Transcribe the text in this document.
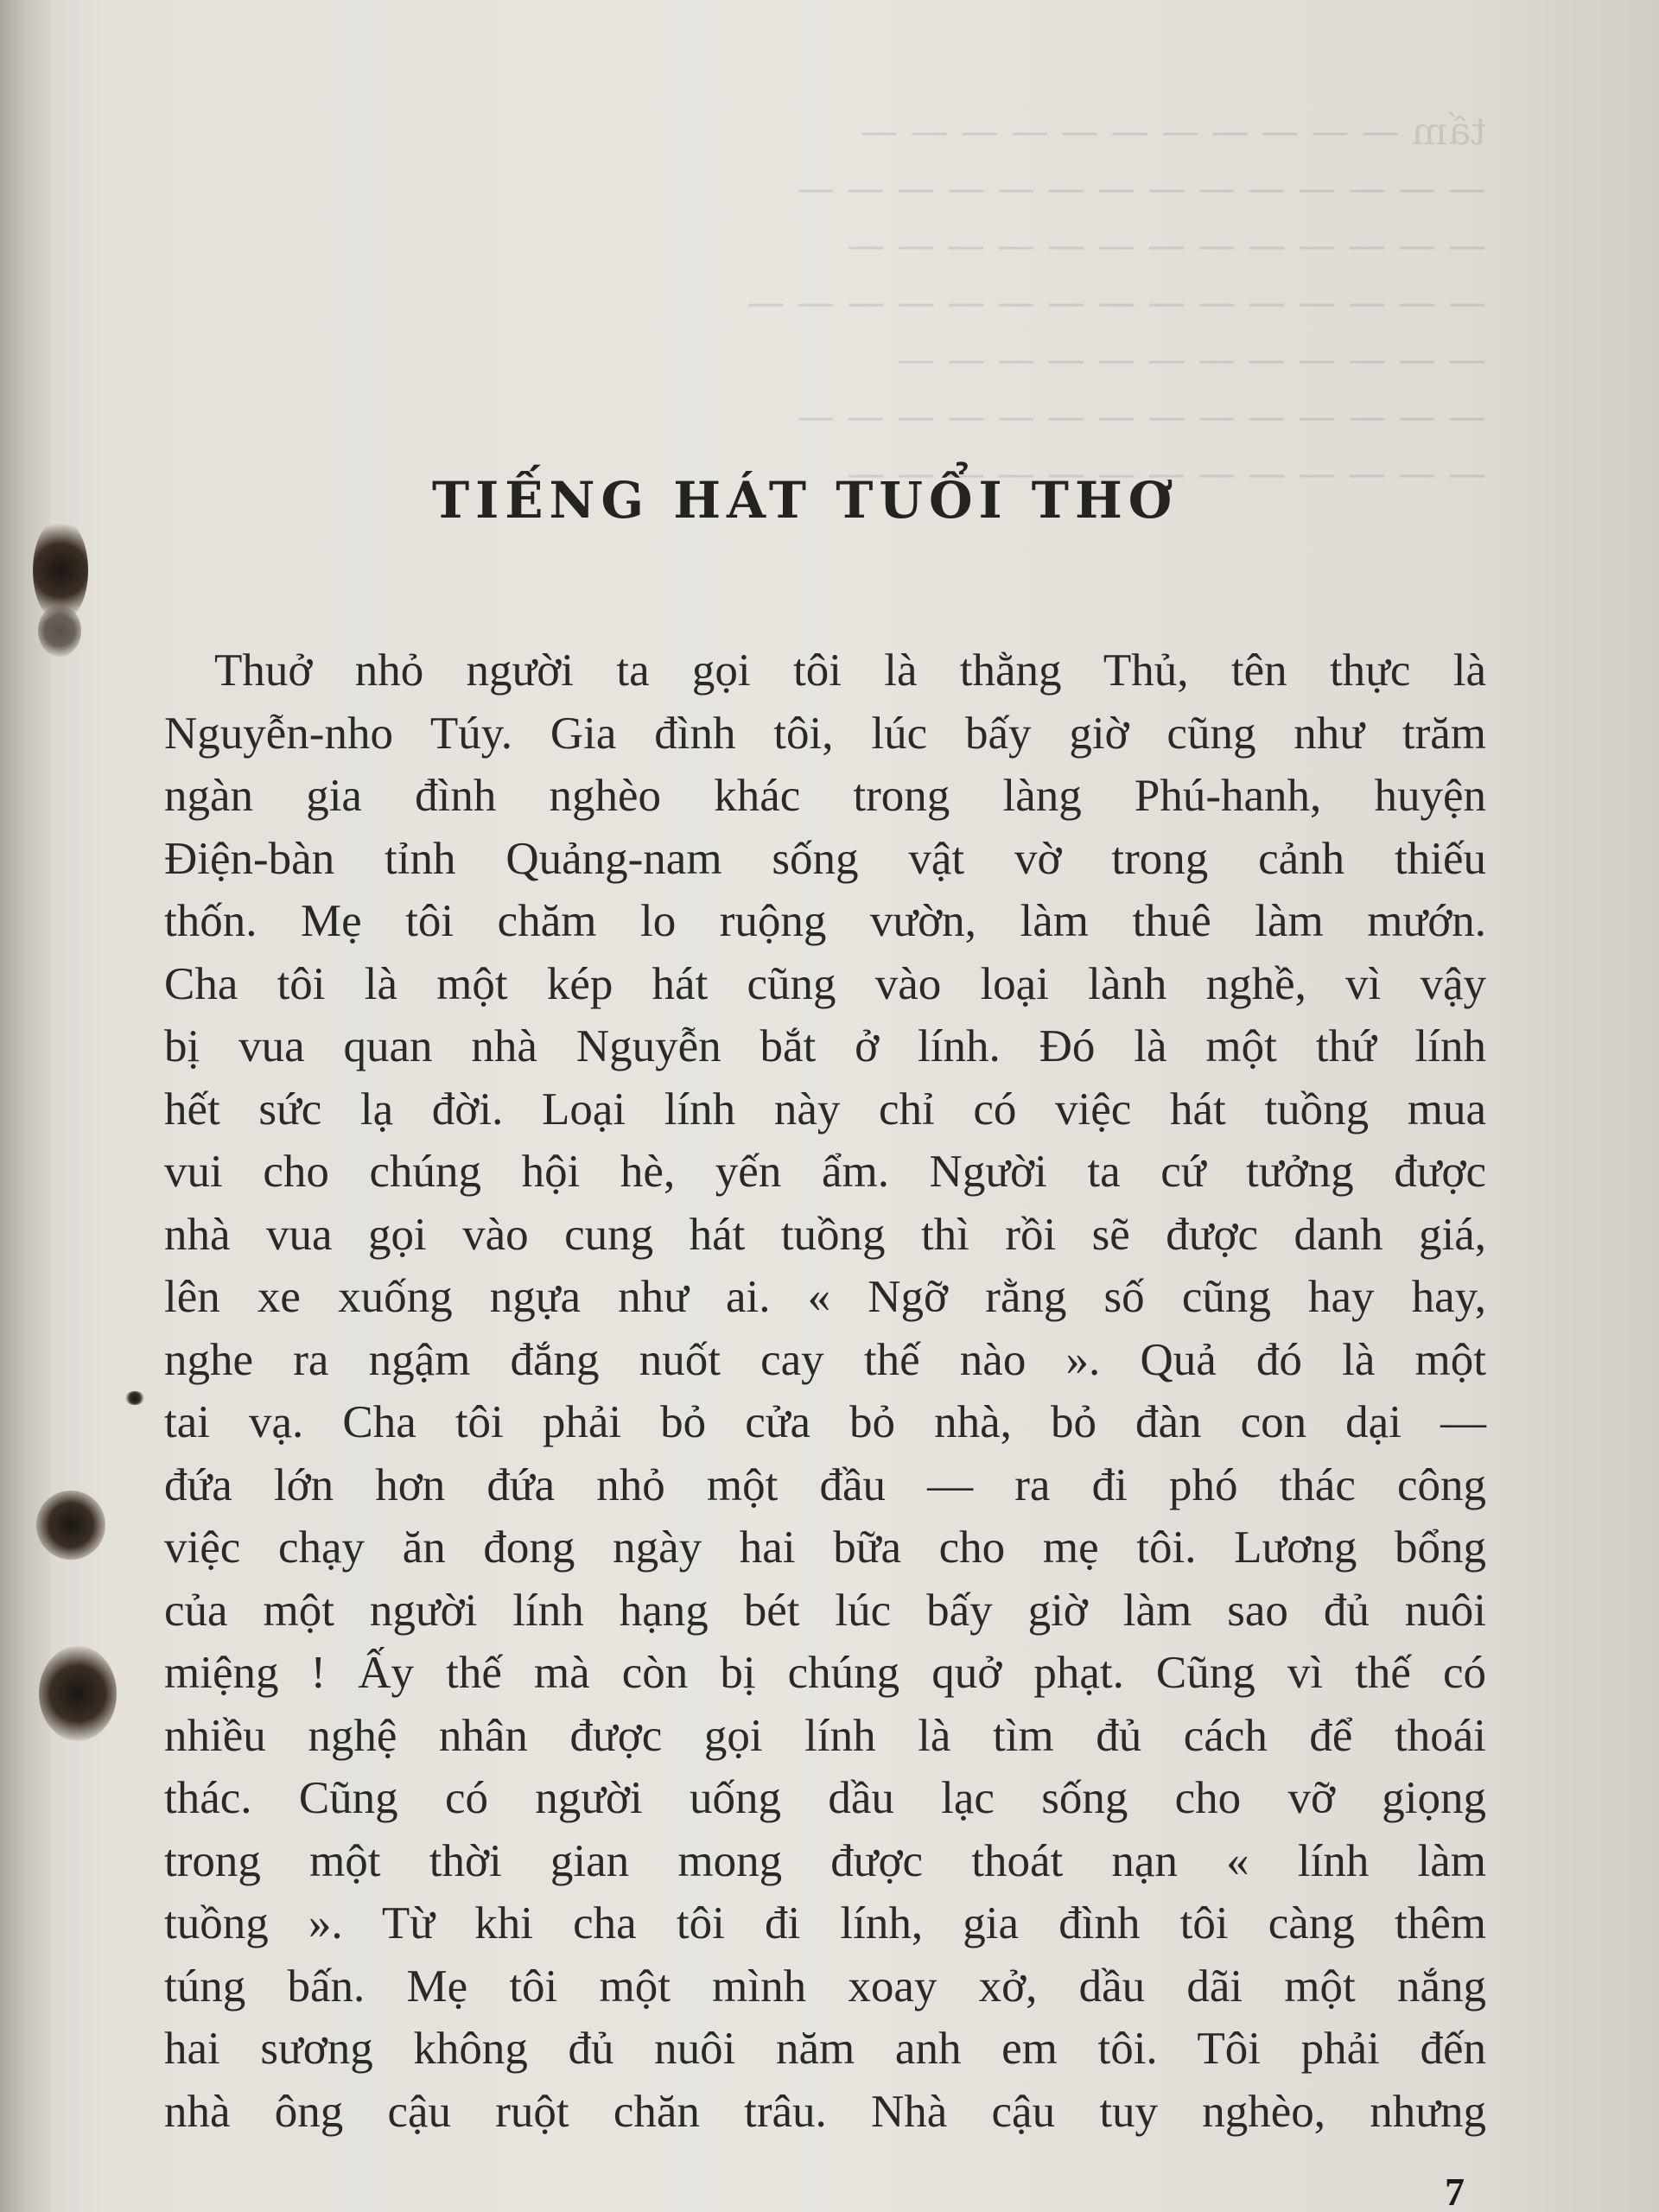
tấm — — — — — — — — — — —
— — — — — — — — — — — — — —
— — — — — — — — — — — — —
— — — — — — — — — — — — — — —
— — — — — — — — — — — —
— — — — — — — — — — — — — —
— — — — — — — — — — — — —
TIẾNG HÁT TUỔI THƠ
Thuở nhỏ người ta gọi tôi là thằng Thủ, tên thực là
Nguyễn-nho Túy. Gia đình tôi, lúc bấy giờ cũng như trăm
ngàn gia đình nghèo khác trong làng Phú-hanh, huyện
Điện-bàn tỉnh Quảng-nam sống vật vờ trong cảnh thiếu
thốn. Mẹ tôi chăm lo ruộng vườn, làm thuê làm mướn.
Cha tôi là một kép hát cũng vào loại lành nghề, vì vậy
bị vua quan nhà Nguyễn bắt ở lính. Đó là một thứ lính
hết sức lạ đời. Loại lính này chỉ có việc hát tuồng mua
vui cho chúng hội hè, yến ẩm. Người ta cứ tưởng được
nhà vua gọi vào cung hát tuồng thì rồi sẽ được danh giá,
lên xe xuống ngựa như ai. « Ngỡ rằng số cũng hay hay,
nghe ra ngậm đắng nuốt cay thế nào ». Quả đó là một
tai vạ. Cha tôi phải bỏ cửa bỏ nhà, bỏ đàn con dại —
đứa lớn hơn đứa nhỏ một đầu — ra đi phó thác công
việc chạy ăn đong ngày hai bữa cho mẹ tôi. Lương bổng
của một người lính hạng bét lúc bấy giờ làm sao đủ nuôi
miệng ! Ấy thế mà còn bị chúng quở phạt. Cũng vì thế có
nhiều nghệ nhân được gọi lính là tìm đủ cách để thoái
thác. Cũng có người uống dầu lạc sống cho vỡ giọng
trong một thời gian mong được thoát nạn « lính làm
tuồng ». Từ khi cha tôi đi lính, gia đình tôi càng thêm
túng bấn. Mẹ tôi một mình xoay xở, dầu dãi một nắng
hai sương không đủ nuôi năm anh em tôi. Tôi phải đến
nhà ông cậu ruột chăn trâu. Nhà cậu tuy nghèo, nhưng
7
